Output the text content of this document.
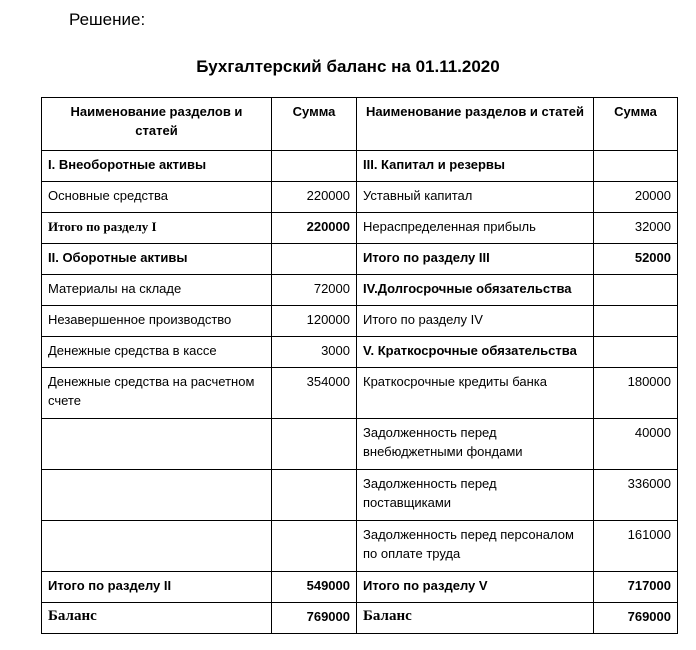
Решение:
Бухгалтерский баланс на 01.11.2020
Наименование разделов и статей	Сумма	Наименование разделов и статей	Сумма
I. Внеоборотные активы		III. Капитал и резервы	
Основные средства	220000	Уставный капитал	20000
Итого по разделу I	220000	Нераспределенная прибыль	32000
II. Оборотные активы		Итого по разделу III	52000
Материалы на складе	72000	IV.Долгосрочные обязательства	
Незавершенное производство	120000	Итого по разделу IV	
Денежные средства в кассе	3000	V. Краткосрочные обязательства	
Денежные средства на расчетном счете	354000	Краткосрочные кредиты банка	180000
		Задолженность перед внебюджетными фондами	40000
		Задолженность перед поставщиками	336000
		Задолженность перед персоналом по оплате труда	161000
Итого по разделу II	549000	Итого по разделу V	717000
Баланс	769000	Баланс	769000
